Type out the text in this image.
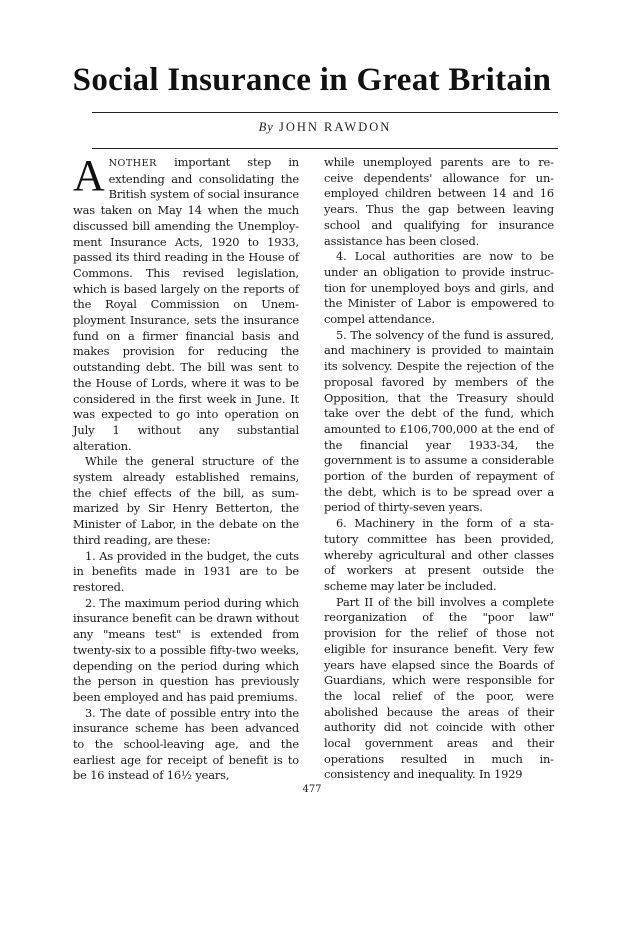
Social Insurance in Great Britain
By JOHN RAWDON

ANOTHER important step in extending and consolidating the British system of social insurance was taken on May 14 when the much discussed bill amending the Unemployment Insurance Acts, 1920 to 1933, passed its third reading in the House of Commons. This revised legislation, which is based largely on the reports of the Royal Commission on Unemployment Insurance, sets the insurance fund on a firmer financial basis and makes provision for reducing the outstanding debt. The bill was sent to the House of Lords, where it was to be considered in the first week in June. It was expected to go into operation on July 1 without any substantial alteration.

While the general structure of the system already established remains, the chief effects of the bill, as summarized by Sir Henry Betterton, the Minister of Labor, in the debate on the third reading, are these:

1. As provided in the budget, the cuts in benefits made in 1931 are to be restored.

2. The maximum period during which insurance benefit can be drawn without any "means test" is extended from twenty-six to a possible fifty-two weeks, depending on the period during which the person in question has previously been employed and has paid premiums.

3. The date of possible entry into the insurance scheme has been advanced to the school-leaving age, and the earliest age for receipt of benefit is to be 16 instead of 16½ years,

while unemployed parents are to receive dependents' allowance for unemployed children between 14 and 16 years. Thus the gap between leaving school and qualifying for insurance assistance has been closed.

4. Local authorities are now to be under an obligation to provide instruction for unemployed boys and girls, and the Minister of Labor is empowered to compel attendance.

5. The solvency of the fund is assured, and machinery is provided to maintain its solvency. Despite the rejection of the proposal favored by members of the Opposition, that the Treasury should take over the debt of the fund, which amounted to £106,700,000 at the end of the financial year 1933-34, the government is to assume a considerable portion of the burden of repayment of the debt, which is to be spread over a period of thirty-seven years.

6. Machinery in the form of a statutory committee has been provided, whereby agricultural and other classes of workers at present outside the scheme may later be included.

Part II of the bill involves a complete reorganization of the "poor law" provision for the relief of those not eligible for insurance benefit. Very few years have elapsed since the Boards of Guardians, which were responsible for the local relief of the poor, were abolished because the areas of their authority did not coincide with other local government areas and their operations resulted in much inconsistency and inequality. In 1929

477
